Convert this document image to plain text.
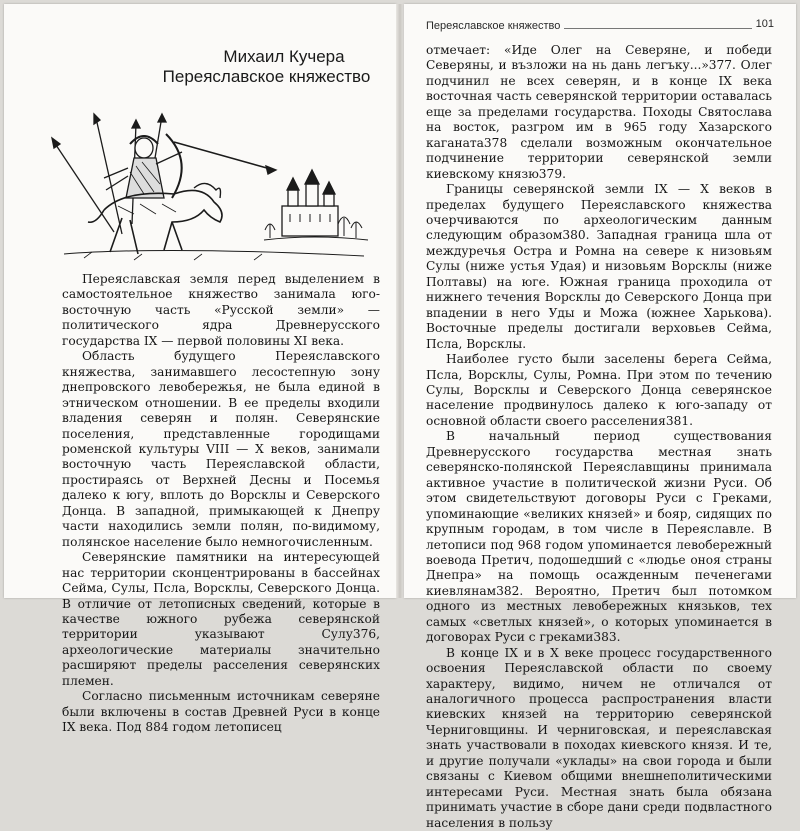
Михаил Кучера
Переяславское княжество

Переяславская земля перед выделением в самостоятельное княжество занимала юго-восточную часть «Русской земли» — политического ядра Древнерусского государства IX — первой половины XI века.

Область будущего Переяславского княжества, занимавшего лесостепную зону днепровского левобережья, не была единой в этническом отношении. В ее пределы входили владения северян и полян. Северянские поселения, представленные городищами роменской культуры VIII — X веков, занимали восточную часть Переяславской области, простираясь от Верхней Десны и Посемья далеко к югу, вплоть до Ворсклы и Северского Донца. В западной, примыкающей к Днепру части находились земли полян, по-видимому, полянское население было немногочисленным.

Северянские памятники на интересующей нас территории сконцентрированы в бассейнах Сейма, Сулы, Псла, Ворсклы, Северского Донца. В отличие от летописных сведений, которые в качестве южного рубежа северянской территории указывают Сулу376, археологические материалы значительно расширяют пределы расселения северянских племен.

Согласно письменным источникам северяне были включены в состав Древней Руси в конце IX века. Под 884 годом летописец

Переяславское княжество	101

отмечает: «Иде Олег на Северяне, и победи Северяны, и възложи на нь дань легъку...»377. Олег подчинил не всех северян, и в конце IX века восточная часть северянской территории оставалась еще за пределами государства. Походы Святослава на восток, разгром им в 965 году Хазарского каганата378 сделали возможным окончательное подчинение территории северянской земли киевскому князю379.

Границы северянской земли IX — X веков в пределах будущего Переяславского княжества очерчиваются по археологическим данным следующим образом380. Западная граница шла от междуречья Остра и Ромна на севере к низовьям Сулы (ниже устья Удая) и низовьям Ворсклы (ниже Полтавы) на юге. Южная граница проходила от нижнего течения Ворсклы до Северского Донца при впадении в него Уды и Можа (южнее Харькова). Восточные пределы достигали верховьев Сейма, Псла, Ворсклы.

Наиболее густо были заселены берега Сейма, Псла, Ворсклы, Сулы, Ромна. При этом по течению Сулы, Ворсклы и Северского Донца северянское население продвинулось далеко к юго-западу от основной области своего расселения381.

В начальный период существования Древнерусского государства местная знать северянско-полянской Переяславщины принимала активное участие в политической жизни Руси. Об этом свидетельствуют договоры Руси с Греками, упоминающие «великих князей» и бояр, сидящих по крупным городам, в том числе в Переяславле. В летописи под 968 годом упоминается левобережный воевода Претич, подошедший с «людье оноя страны Днепра» на помощь осажденным печенегами киевлянам382. Вероятно, Претич был потомком одного из местных левобережных князьков, тех самых «светлых князей», о которых упоминается в договорах Руси с греками383.

В конце IX и в X веке процесс государственного освоения Переяславской области по своему характеру, видимо, ничем не отличался от аналогичного процесса распространения власти киевских князей на территорию северянской Черниговщины. И черниговская, и переяславская знать участвовали в походах киевского князя. И те, и другие получали «уклады» на свои города и были связаны с Киевом общими внешнеполитическими интересами Руси. Местная знать была обязана принимать участие в сборе дани среди подвластного населения в пользу
